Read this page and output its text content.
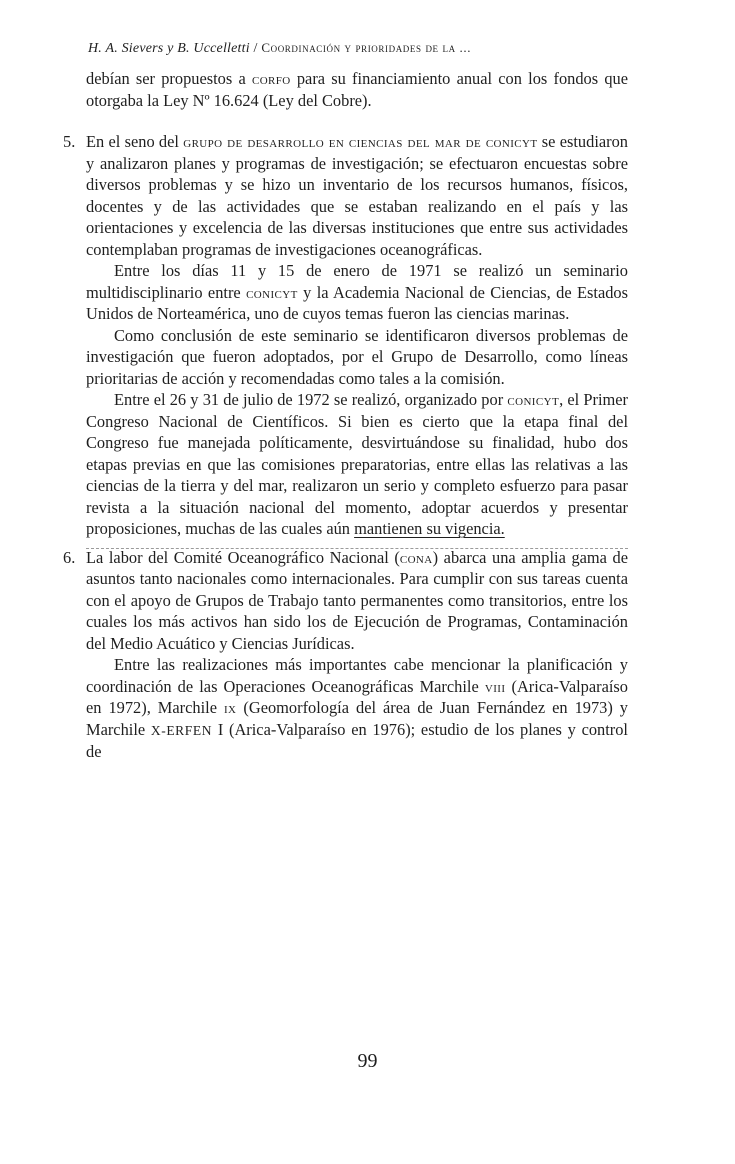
H. A. Sievers y B. Uccelletti / Coordinación y prioridades de la ...

debían ser propuestos a corfo para su financiamiento anual con los fondos que otorgaba la Ley Nº 16.624 (Ley del Cobre).

5. En el seno del grupo de desarrollo en ciencias del mar de conicyt se estudiaron y analizaron planes y programas de investigación; se efectuaron encuestas sobre diversos problemas y se hizo un inventario de los recursos humanos, físicos, docentes y de las actividades que se estaban realizando en el país y las orientaciones y excelencia de las diversas instituciones que entre sus actividades contemplaban programas de investigaciones oceanográficas.

Entre los días 11 y 15 de enero de 1971 se realizó un seminario multidisciplinario entre conicyt y la Academia Nacional de Ciencias, de Estados Unidos de Norteamérica, uno de cuyos temas fueron las ciencias marinas.

Como conclusión de este seminario se identificaron diversos problemas de investigación que fueron adoptados, por el Grupo de Desarrollo, como líneas prioritarias de acción y recomendadas como tales a la comisión.

Entre el 26 y 31 de julio de 1972 se realizó, organizado por conicyt, el Primer Congreso Nacional de Científicos. Si bien es cierto que la etapa final del Congreso fue manejada políticamente, desvirtuándose su finalidad, hubo dos etapas previas en que las comisiones preparatorias, entre ellas las relativas a las ciencias de la tierra y del mar, realizaron un serio y completo esfuerzo para pasar revista a la situación nacional del momento, adoptar acuerdos y presentar proposiciones, muchas de las cuales aún mantienen su vigencia.

6. La labor del Comité Oceanográfico Nacional (cona) abarca una amplia gama de asuntos tanto nacionales como internacionales. Para cumplir con sus tareas cuenta con el apoyo de Grupos de Trabajo tanto permanentes como transitorios, entre los cuales los más activos han sido los de Ejecución de Programas, Contaminación del Medio Acuático y Ciencias Jurídicas.

Entre las realizaciones más importantes cabe mencionar la planificación y coordinación de las Operaciones Oceanográficas Marchile viii (Arica-Valparaíso en 1972), Marchile ix (Geomorfología del área de Juan Fernández en 1973) y Marchile X-ERFEN I (Arica-Valparaíso en 1976); estudio de los planes y control de

99
